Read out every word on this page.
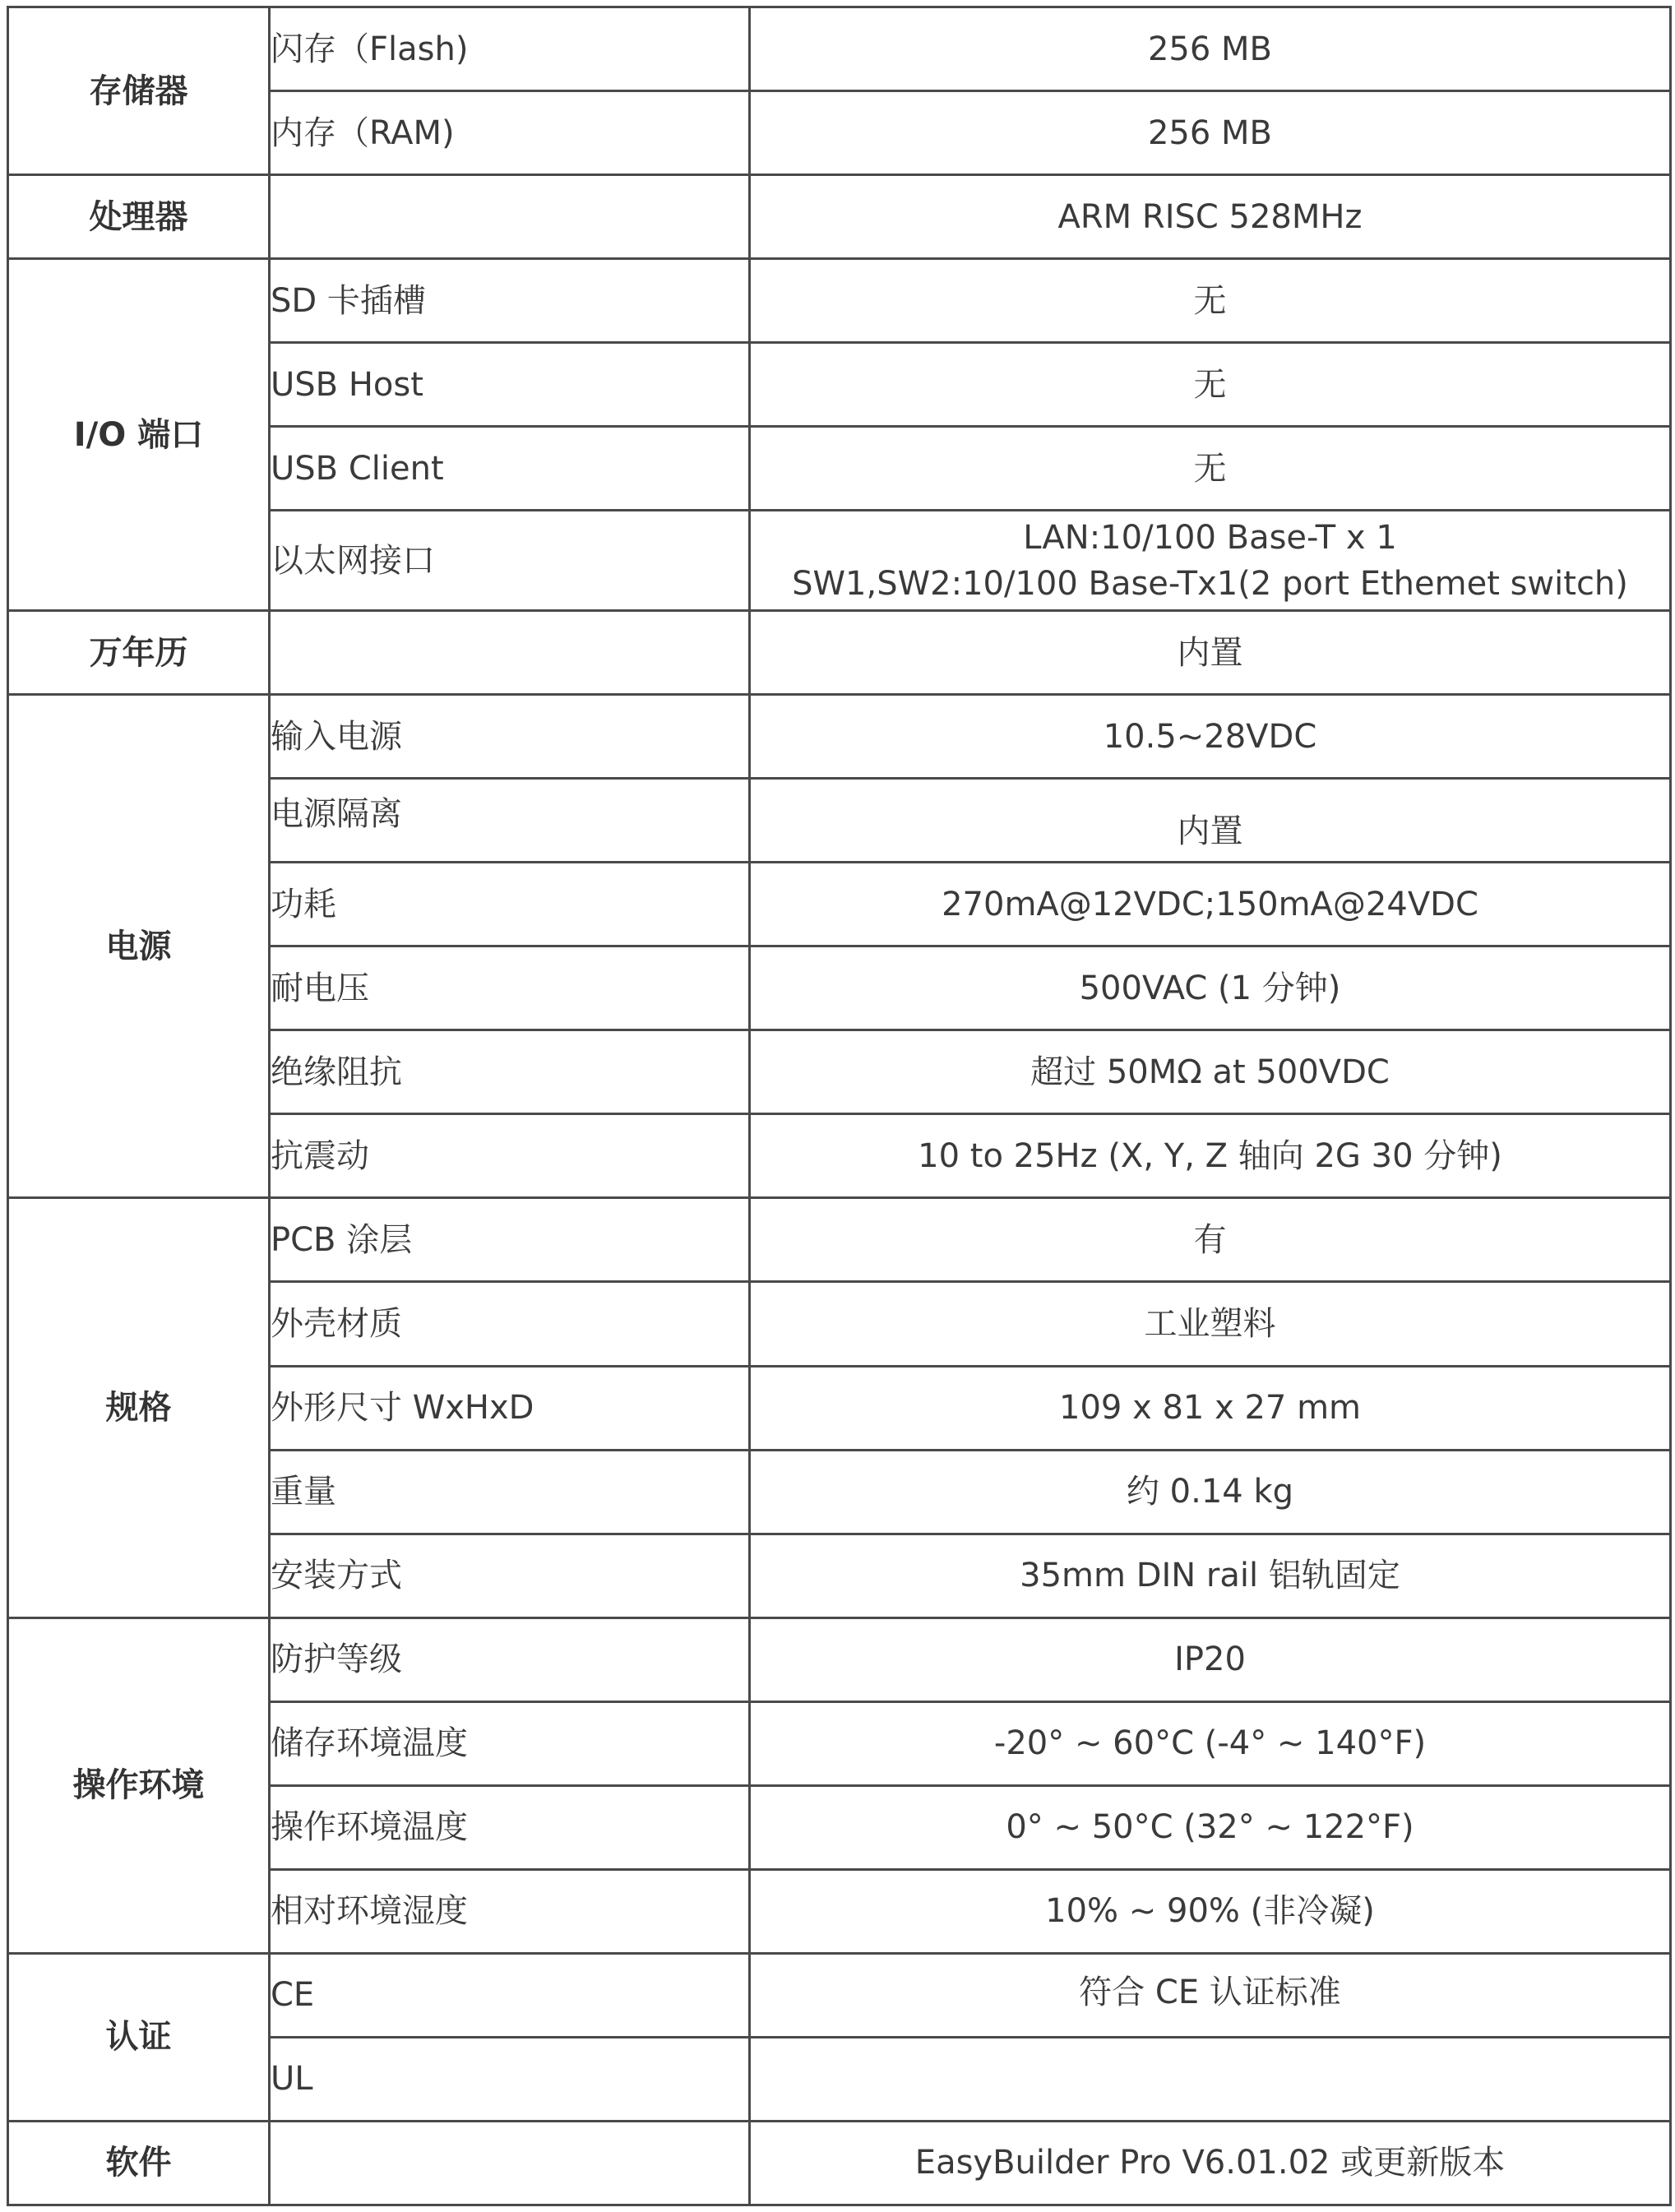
存储器	闪存（Flash)	256 MB
	内存（RAM)	256 MB
处理器		ARM RISC 528MHz
I/O 端口	SD 卡插槽	无
	USB Host	无
	USB Client	无
	以太网接口	LAN:10/100 Base-T x 1
SW1,SW2:10/100 Base-Tx1(2 port Ethemet switch)

万年历		内置
电源	输入电源	10.5~28VDC
	电源隔离	内置
	功耗	270mA@12VDC;150mA@24VDC
	耐电压	500VAC (1 分钟)
	绝缘阻抗	超过 50MΩ at 500VDC
	抗震动	10 to 25Hz (X, Y, Z 轴向 2G 30 分钟)
规格	PCB 涂层	有
	外壳材质	工业塑料
	外形尺寸 WxHxD	109 x 81 x 27 mm
	重量	约 0.14 kg
	安装方式	35mm DIN rail 铝轨固定
操作环境	防护等级	IP20
	储存环境温度	-20° ~ 60°C (-4° ~ 140°F)
	操作环境温度	0° ~ 50°C (32° ~ 122°F)
	相对环境湿度	10% ~ 90% (非冷凝)
认证	CE	符合 CE 认证标准
	UL	
软件		EasyBuilder Pro V6.01.02 或更新版本
